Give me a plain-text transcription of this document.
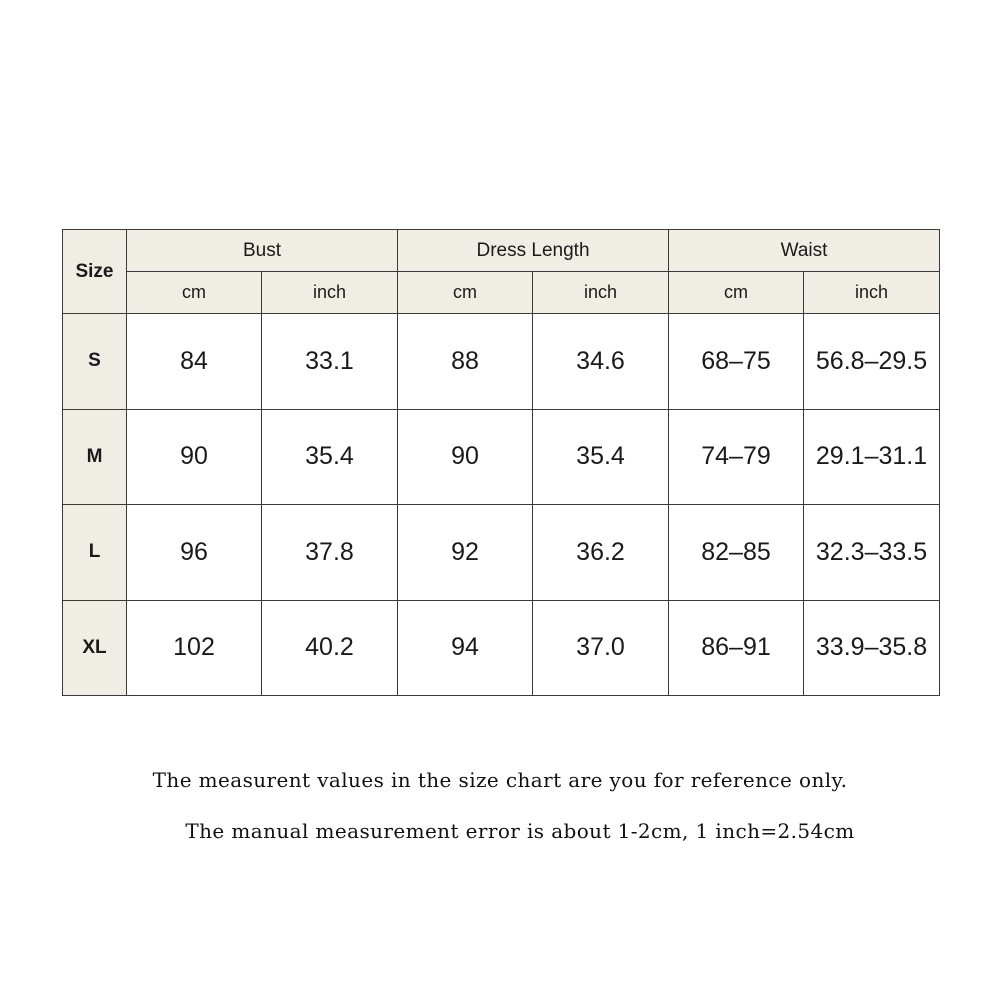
Size	Bust		Dress Length		Waist	
	cm	inch	cm	inch	cm	inch
S	84	33.1	88	34.6	68–75	56.8–29.5
M	90	35.4	90	35.4	74–79	29.1–31.1
L	96	37.8	92	36.2	82–85	32.3–33.5
XL	102	40.2	94	37.0	86–91	33.9–35.8
The measurent values in the size chart are you for reference only.
The manual measurement error is about 1-2cm, 1 inch=2.54cm
